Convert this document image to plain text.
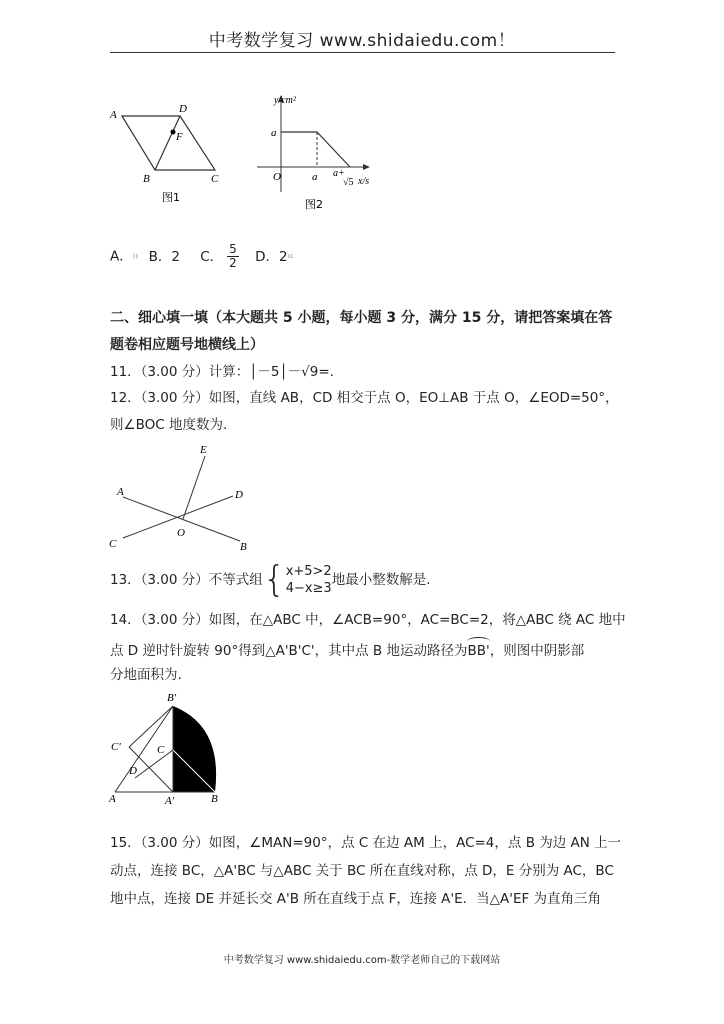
中考数学复习 www.shidaiedu.com！
A	D
F
B	C
图1
y/cm²
a
O	a a+
√5 x/s
图2
A．▯▯ B．2 C． $\frac{5}{2}$ D．2▯▯
二、细心填一填（本大题共 5 小题，每小题 3 分，满分 15 分，请把答案填在答
题卷相应题号地横线上）
11．（3.00 分）计算：│－5│－√9=.
12．（3.00 分）如图，直线 AB，CD 相交于点 O，EO⊥AB 于点 O，∠EOD=50°，
则∠BOC 地度数为.
E
A	D
C
O
B
13．（3.00 分）不等式组 { x+5>2
4−x≥3
地最小整数解是.
14．（3.00 分）如图，在△ABC 中，∠ACB=90°，AC=BC=2，将△ABC 绕 AC 地中
点 D 逆时针旋转 90°得到△A'B'C'，其中点 B 地运动路径为BB'，则图中阴影部
分地面积为.
B'
C'	C
D
A	A'	B
15．（3.00 分）如图，∠MAN=90°，点 C 在边 AM 上，AC=4，点 B 为边 AN 上一
动点，连接 BC，△A'BC 与△ABC 关于 BC 所在直线对称，点 D，E 分别为 AC，BC
地中点，连接 DE 并延长交 A'B 所在直线于点 F，连接 A'E．当△A'EF 为直角三角
中考数学复习 www.shidaiedu.com-数学老师自己的下载网站
